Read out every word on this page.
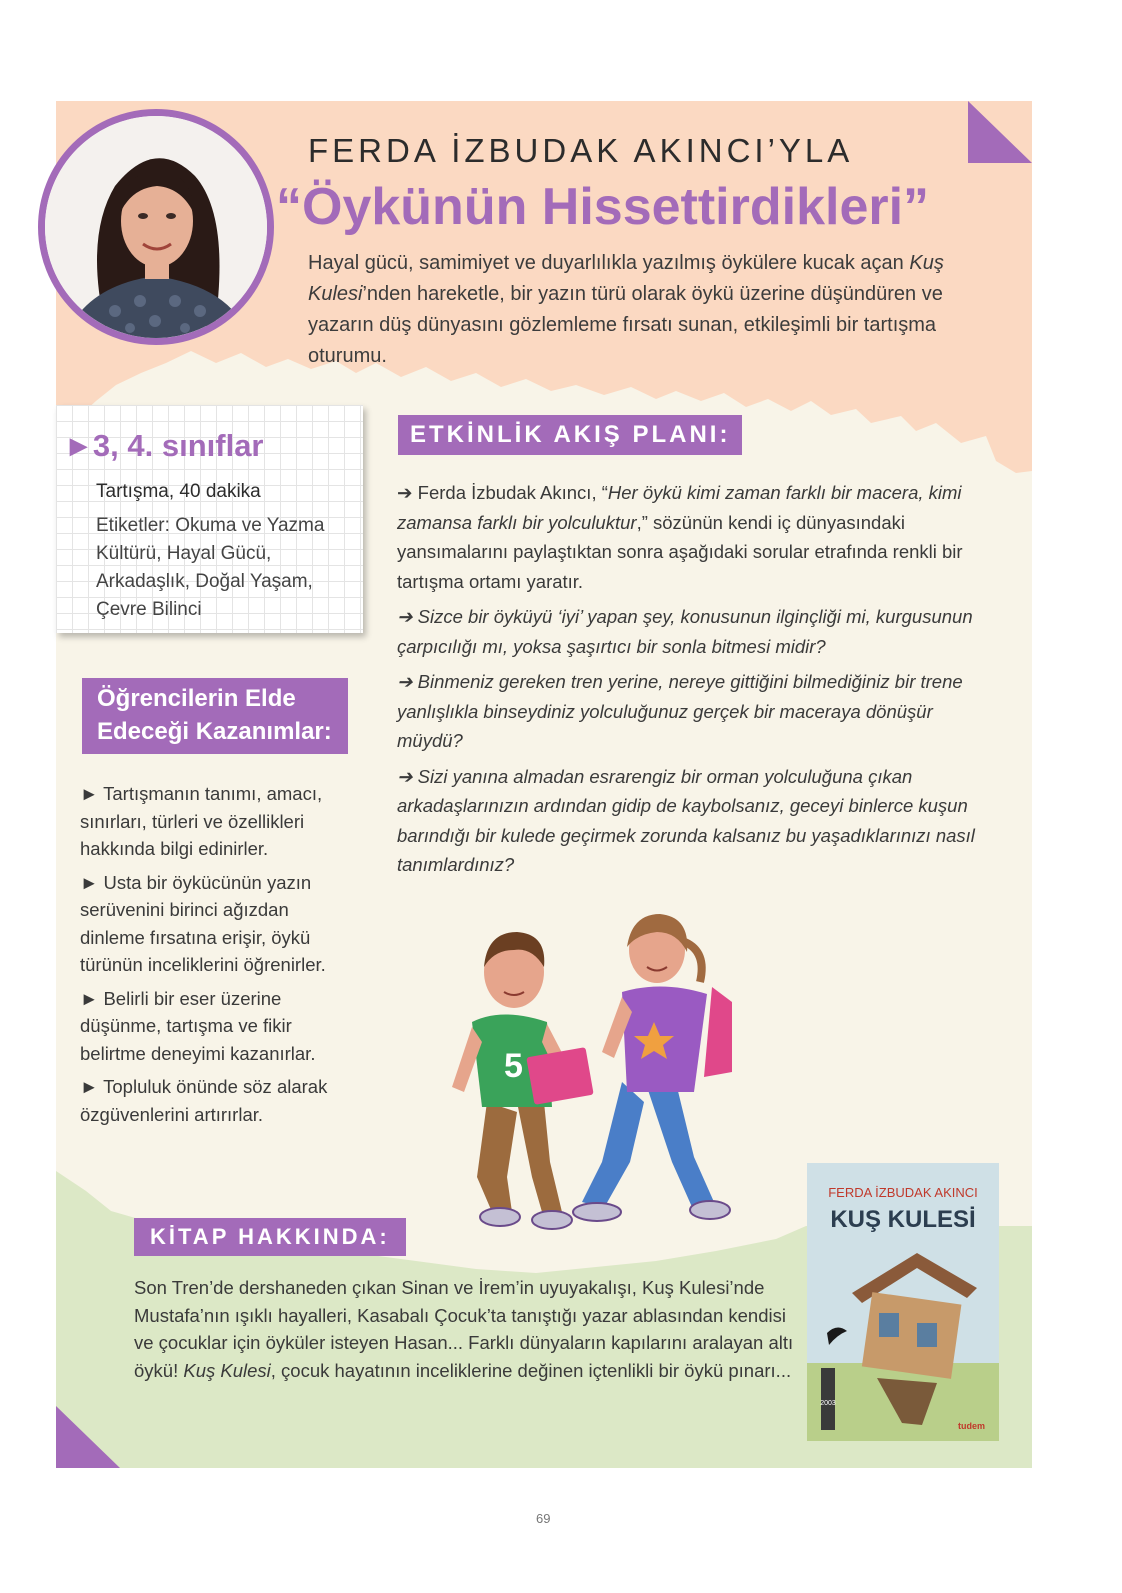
FERDA İZBUDAK AKINCI’YLA
“Öykünün Hissettirdikleri”
Hayal gücü, samimiyet ve duyarlılıkla yazılmış öykülere kucak açan Kuş Kulesi’nden hareketle, bir yazın türü olarak öykü üzerine düşündüren ve yazarın düş dünyasını gözlemleme fırsatı sunan, etkileşimli bir tartışma oturumu.
▶ 3, 4. sınıflar
Tartışma, 40 dakika
Etiketler: Okuma ve Yazma Kültürü, Hayal Gücü, Arkadaşlık, Doğal Yaşam, Çevre Bilinci
ETKİNLİK AKIŞ PLANI:

➔ Ferda İzbudak Akıncı, “Her öykü kimi zaman farklı bir macera, kimi zamansa farklı bir yolculuktur,” sözünün kendi iç dünyasındaki yansımalarını paylaştıktan sonra aşağıdaki sorular etrafında renkli bir tartışma ortamı yaratır.

➔ Sizce bir öyküyü ‘iyi’ yapan şey, konusunun ilginçliği mi, kurgusunun çarpıcılığı mı, yoksa şaşırtıcı bir sonla bitmesi midir?

➔ Binmeniz gereken tren yerine, nereye gittiğini bilmediğiniz bir trene yanlışlıkla binseydiniz yolculuğunuz gerçek bir maceraya dönüşür müydü?

➔ Sizi yanına almadan esrarengiz bir orman yolculuğuna çıkan arkadaşlarınızın ardından gidip de kaybolsanız, geceyi binlerce kuşun barındığı bir kulede geçirmek zorunda kalsanız bu yaşadıklarınızı nasıl tanımlardınız?

Öğrencilerin Elde Edeceği Kazanımlar:

► Tartışmanın tanımı, amacı, sınırları, türleri ve özellikleri hakkında bilgi edinirler.

► Usta bir öykücünün yazın serüvenini birinci ağızdan dinleme fırsatına erişir, öykü türünün inceliklerini öğrenirler.

► Belirli bir eser üzerine düşünme, tartışma ve fikir belirtme deneyimi kazanırlar.

► Topluluk önünde söz alarak özgüvenlerini artırırlar.

5
FERDA İZBUDAK AKINCI
KUŞ KULESİ
2003
tudem
KİTAP HAKKINDA:
Son Tren’de dershaneden çıkan Sinan ve İrem’in uyuyakalışı, Kuş Kulesi’nde Mustafa’nın ışıklı hayalleri, Kasabalı Çocuk’ta tanıştığı yazar ablasından kendisi ve çocuklar için öyküler isteyen Hasan... Farklı dünyaların kapılarını aralayan altı öykü! Kuş Kulesi, çocuk hayatının inceliklerine değinen içtenlikli bir öykü pınarı...
69
